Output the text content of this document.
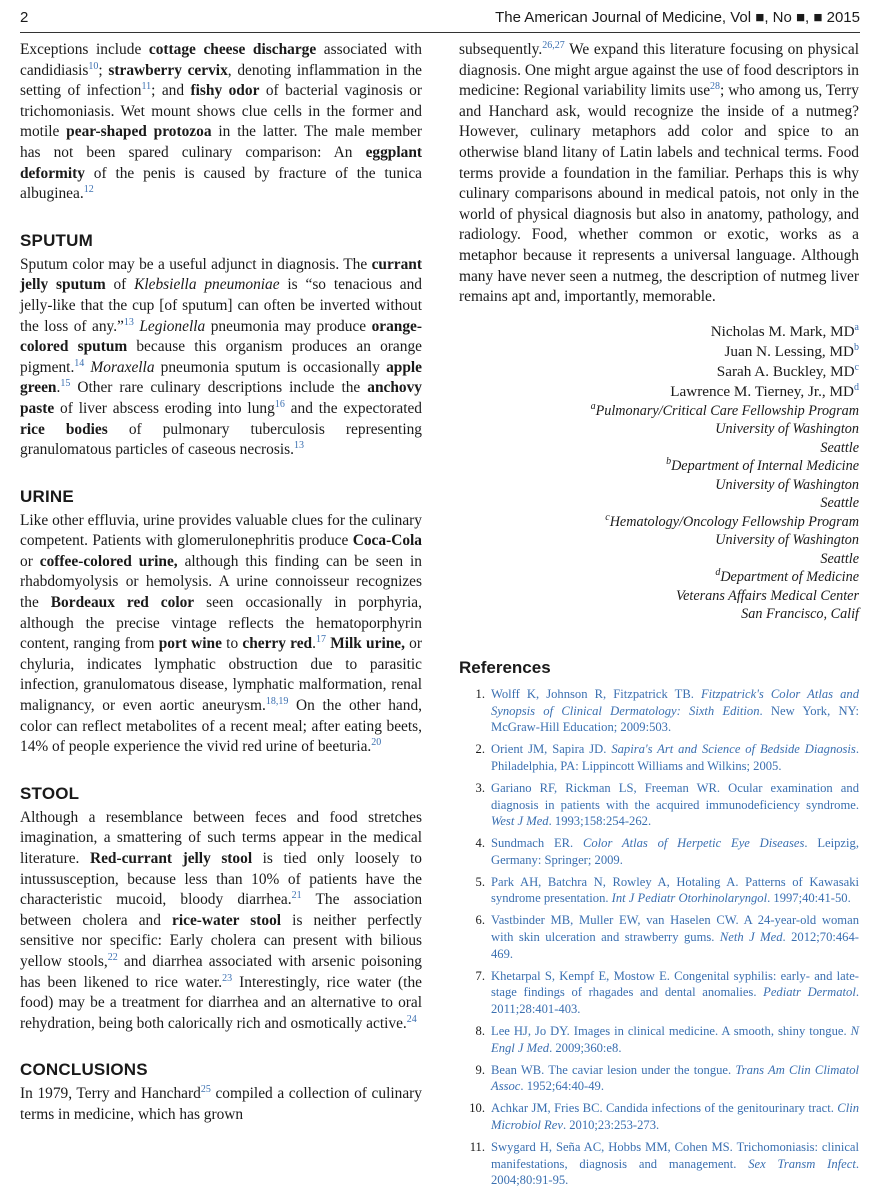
2	The American Journal of Medicine, Vol ■, No ■, ■ 2015

Exceptions include cottage cheese discharge associated with candidiasis$^{10}$; strawberry cervix, denoting inflammation in the setting of infection$^{11}$; and fishy odor of bacterial vaginosis or trichomoniasis. Wet mount shows clue cells in the former and motile pear-shaped protozoa in the latter. The male member has not been spared culinary comparison: An eggplant deformity of the penis is caused by fracture of the tunica albuginea.$^{12}$

SPUTUM

Sputum color may be a useful adjunct in diagnosis. The currant jelly sputum of Klebsiella pneumoniae is “so tenacious and jelly-like that the cup [of sputum] can often be inverted without the loss of any.”$^{13}$ Legionella pneumonia may produce orange-colored sputum because this organism produces an orange pigment.$^{14}$ Moraxella pneumonia sputum is occasionally apple green.$^{15}$ Other rare culinary descriptions include the anchovy paste of liver abscess eroding into lung$^{16}$ and the expectorated rice bodies of pulmonary tuberculosis representing granulomatous particles of caseous necrosis.$^{13}$

URINE

Like other effluvia, urine provides valuable clues for the culinary competent. Patients with glomerulonephritis produce Coca-Cola or coffee-colored urine, although this finding can be seen in rhabdomyolysis or hemolysis. A urine connoisseur recognizes the Bordeaux red color seen occasionally in porphyria, although the precise vintage reflects the hematoporphyrin content, ranging from port wine to cherry red.$^{17}$ Milk urine, or chyluria, indicates lymphatic obstruction due to parasitic infection, granulomatous disease, lymphatic malformation, renal malignancy, or even aortic aneurysm.$^{18,19}$ On the other hand, color can reflect metabolites of a recent meal; after eating beets, 14% of people experience the vivid red urine of beeturia.$^{20}$

STOOL

Although a resemblance between feces and food stretches imagination, a smattering of such terms appear in the medical literature. Red-currant jelly stool is tied only loosely to intussusception, because less than 10% of patients have the characteristic mucoid, bloody diarrhea.$^{21}$ The association between cholera and rice-water stool is neither perfectly sensitive nor specific: Early cholera can present with bilious yellow stools,$^{22}$ and diarrhea associated with arsenic poisoning has been likened to rice water.$^{23}$ Interestingly, rice water (the food) may be a treatment for diarrhea and an alternative to oral rehydration, being both calorically rich and osmotically active.$^{24}$

CONCLUSIONS

In 1979, Terry and Hanchard$^{25}$ compiled a collection of culinary terms in medicine, which has grown

subsequently.$^{26,27}$ We expand this literature focusing on physical diagnosis. One might argue against the use of food descriptors in medicine: Regional variability limits use$^{28}$; who among us, Terry and Hanchard ask, would recognize the inside of a nutmeg? However, culinary metaphors add color and spice to an otherwise bland litany of Latin labels and technical terms. Food terms provide a foundation in the familiar. Perhaps this is why culinary comparisons abound in medical patois, not only in the world of physical diagnosis but also in anatomy, pathology, and radiology. Food, whether common or exotic, works as a metaphor because it represents a universal language. Although many have never seen a nutmeg, the description of nutmeg liver remains apt and, importantly, memorable.

Nicholas M. Mark, $MD^a$
Juan N. Lessing, $MD^b$
Sarah A. Buckley, $MD^c$
Lawrence M. Tierney, Jr., $MD^d$
$^a$Pulmonary/Critical Care Fellowship Program
University of Washington
Seattle
$^b$Department of Internal Medicine
University of Washington
Seattle
$^c$Hematology/Oncology Fellowship Program
University of Washington
Seattle
$^d$Department of Medicine
Veterans Affairs Medical Center
San Francisco, Calif
References
1. Wolff K, Johnson R, Fitzpatrick TB. Fitzpatrick's Color Atlas and Synopsis of Clinical Dermatology: Sixth Edition. New York, NY: McGraw-Hill Education; 2009:503.
2. Orient JM, Sapira JD. Sapira's Art and Science of Bedside Diagnosis. Philadelphia, PA: Lippincott Williams and Wilkins; 2005.
3. Gariano RF, Rickman LS, Freeman WR. Ocular examination and diagnosis in patients with the acquired immunodeficiency syndrome. West J Med. 1993;158:254-262.
4. Sundmach ER. Color Atlas of Herpetic Eye Diseases. Leipzig, Germany: Springer; 2009.
5. Park AH, Batchra N, Rowley A, Hotaling A. Patterns of Kawasaki syndrome presentation. Int J Pediatr Otorhinolaryngol. 1997;40:41-50.
6. Vastbinder MB, Muller EW, van Haselen CW. A 24-year-old woman with skin ulceration and strawberry gums. Neth J Med. 2012;70:464-469.
7. Khetarpal S, Kempf E, Mostow E. Congenital syphilis: early- and late-stage findings of rhagades and dental anomalies. Pediatr Dermatol. 2011;28:401-403.
8. Lee HJ, Jo DY. Images in clinical medicine. A smooth, shiny tongue. N Engl J Med. 2009;360:e8.
9. Bean WB. The caviar lesion under the tongue. Trans Am Clin Climatol Assoc. 1952;64:40-49.
10. Achkar JM, Fries BC. Candida infections of the genitourinary tract. Clin Microbiol Rev. 2010;23:253-273.
11. Swygard H, Seña AC, Hobbs MM, Cohen MS. Trichomoniasis: clinical manifestations, diagnosis and management. Sex Transm Infect. 2004;80:91-95.
